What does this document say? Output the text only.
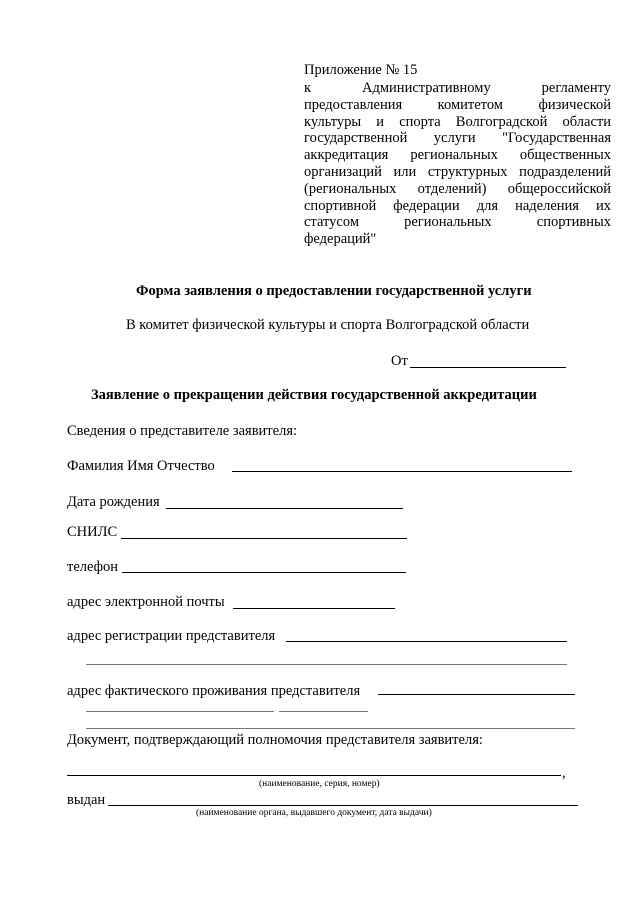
Приложение № 15
к Административному регламенту
предоставления комитетом физической
культуры и спорта Волгоградской области
государственной услуги "Государственная
аккредитация региональных общественных
организаций или структурных подразделений
(региональных отделений) общероссийской
спортивной федерации для наделения их
статусом региональных спортивных
федераций"
Форма заявления о предоставлении государственной услуги
В комитет физической культуры и спорта Волгоградской области
От
Заявление о прекращении действия государственной аккредитации
Сведения о представителе заявителя:
Фамилия Имя Отчество
Дата рождения
СНИЛС
телефон
адрес электронной почты
адрес регистрации представителя
адрес фактического проживания представителя
Документ, подтверждающий полномочия представителя заявителя:
,
(наименование, серия, номер)
выдан
(наименование органа, выдавшего документ, дата выдачи)
